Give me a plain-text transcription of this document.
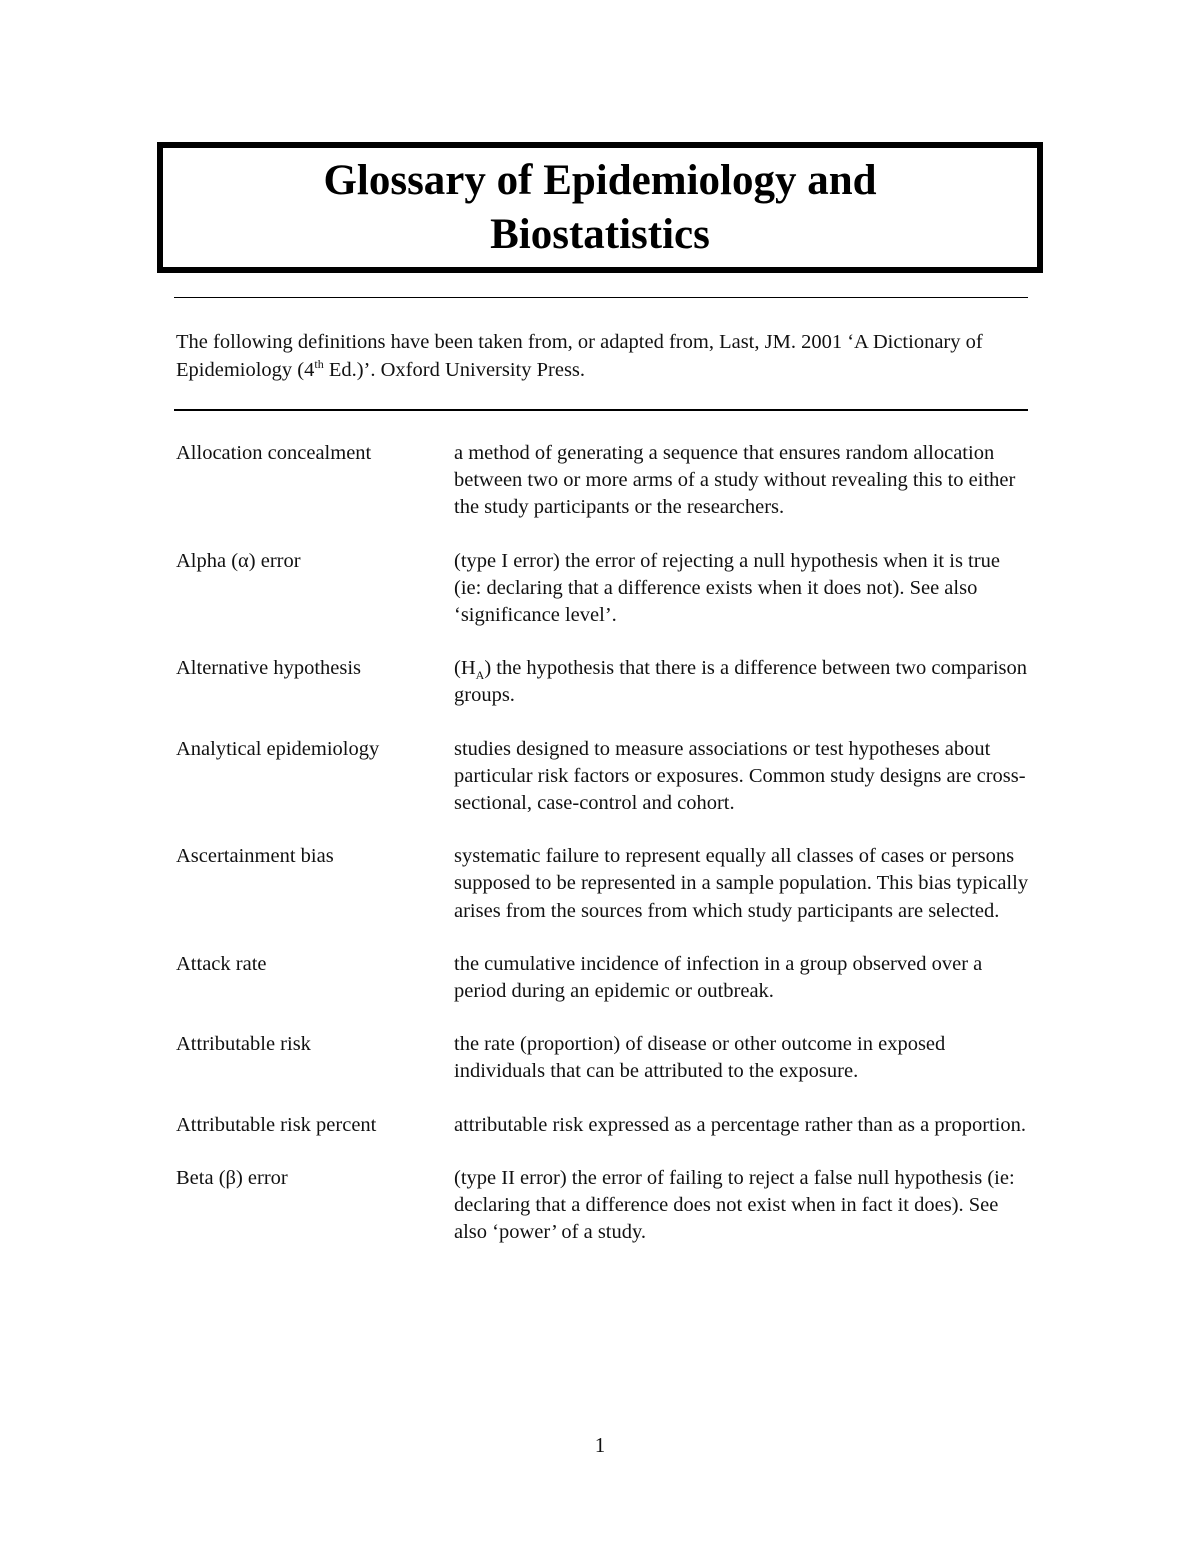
Glossary of Epidemiology and
Biostatistics
The following definitions have been taken from, or adapted from, Last, JM. 2001 ‘A Dictionary of Epidemiology (4th Ed.)’. Oxford University Press.
Allocation concealment	a method of generating a sequence that ensures random allocation between two or more arms of a study without revealing this to either the study participants or the researchers.
Alpha (α) error	(type I error) the error of rejecting a null hypothesis when it is true (ie: declaring that a difference exists when it does not). See also ‘significance level’.
Alternative hypothesis	$(H_A)$ the hypothesis that there is a difference between two comparison groups.
Analytical epidemiology	studies designed to measure associations or test hypotheses about particular risk factors or exposures. Common study designs are cross-sectional, case-control and cohort.
Ascertainment bias	systematic failure to represent equally all classes of cases or persons supposed to be represented in a sample population. This bias typically arises from the sources from which study participants are selected.
Attack rate	the cumulative incidence of infection in a group observed over a period during an epidemic or outbreak.
Attributable risk	the rate (proportion) of disease or other outcome in exposed individuals that can be attributed to the exposure.
Attributable risk percent	attributable risk expressed as a percentage rather than as a proportion.
Beta (β) error	(type II error) the error of failing to reject a false null hypothesis (ie: declaring that a difference does not exist when in fact it does). See also ‘power’ of a study.
1
